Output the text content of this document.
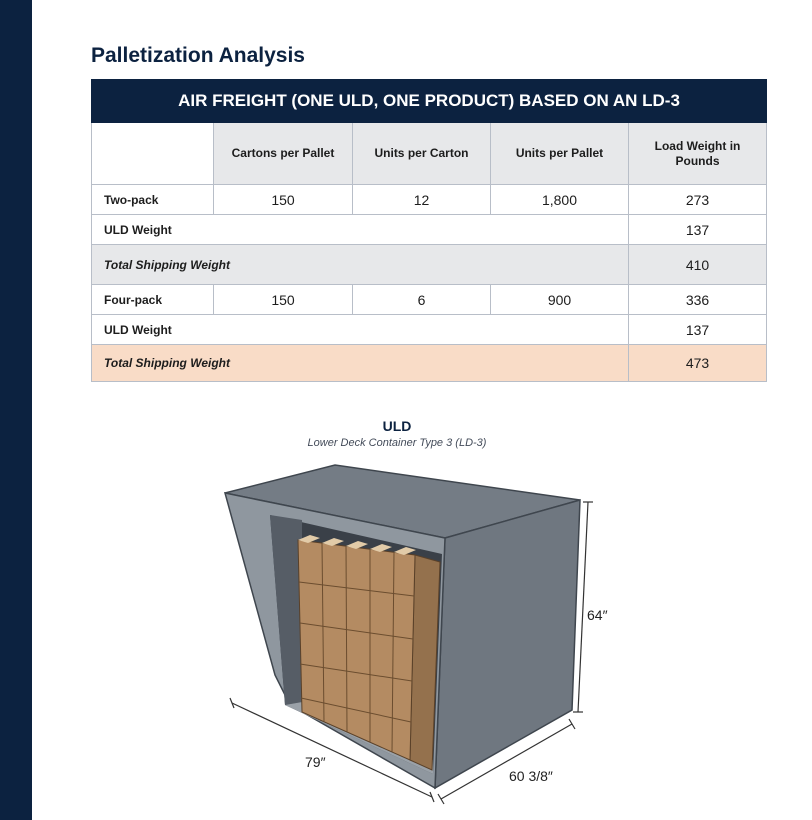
Palletization Analysis
AIR FREIGHT (ONE ULD, ONE PRODUCT) BASED ON AN LD-3				
	Cartons per Pallet	Units per Carton	Units per Pallet	Load Weight in Pounds
Two-pack	150	12	1,800	273
ULD Weight				137
Total Shipping Weight				410
Four-pack	150	6	900	336
ULD Weight				137
Total Shipping Weight				473
ULD
Lower Deck Container Type 3 (LD-3)
64″
79″
60 3/8″
